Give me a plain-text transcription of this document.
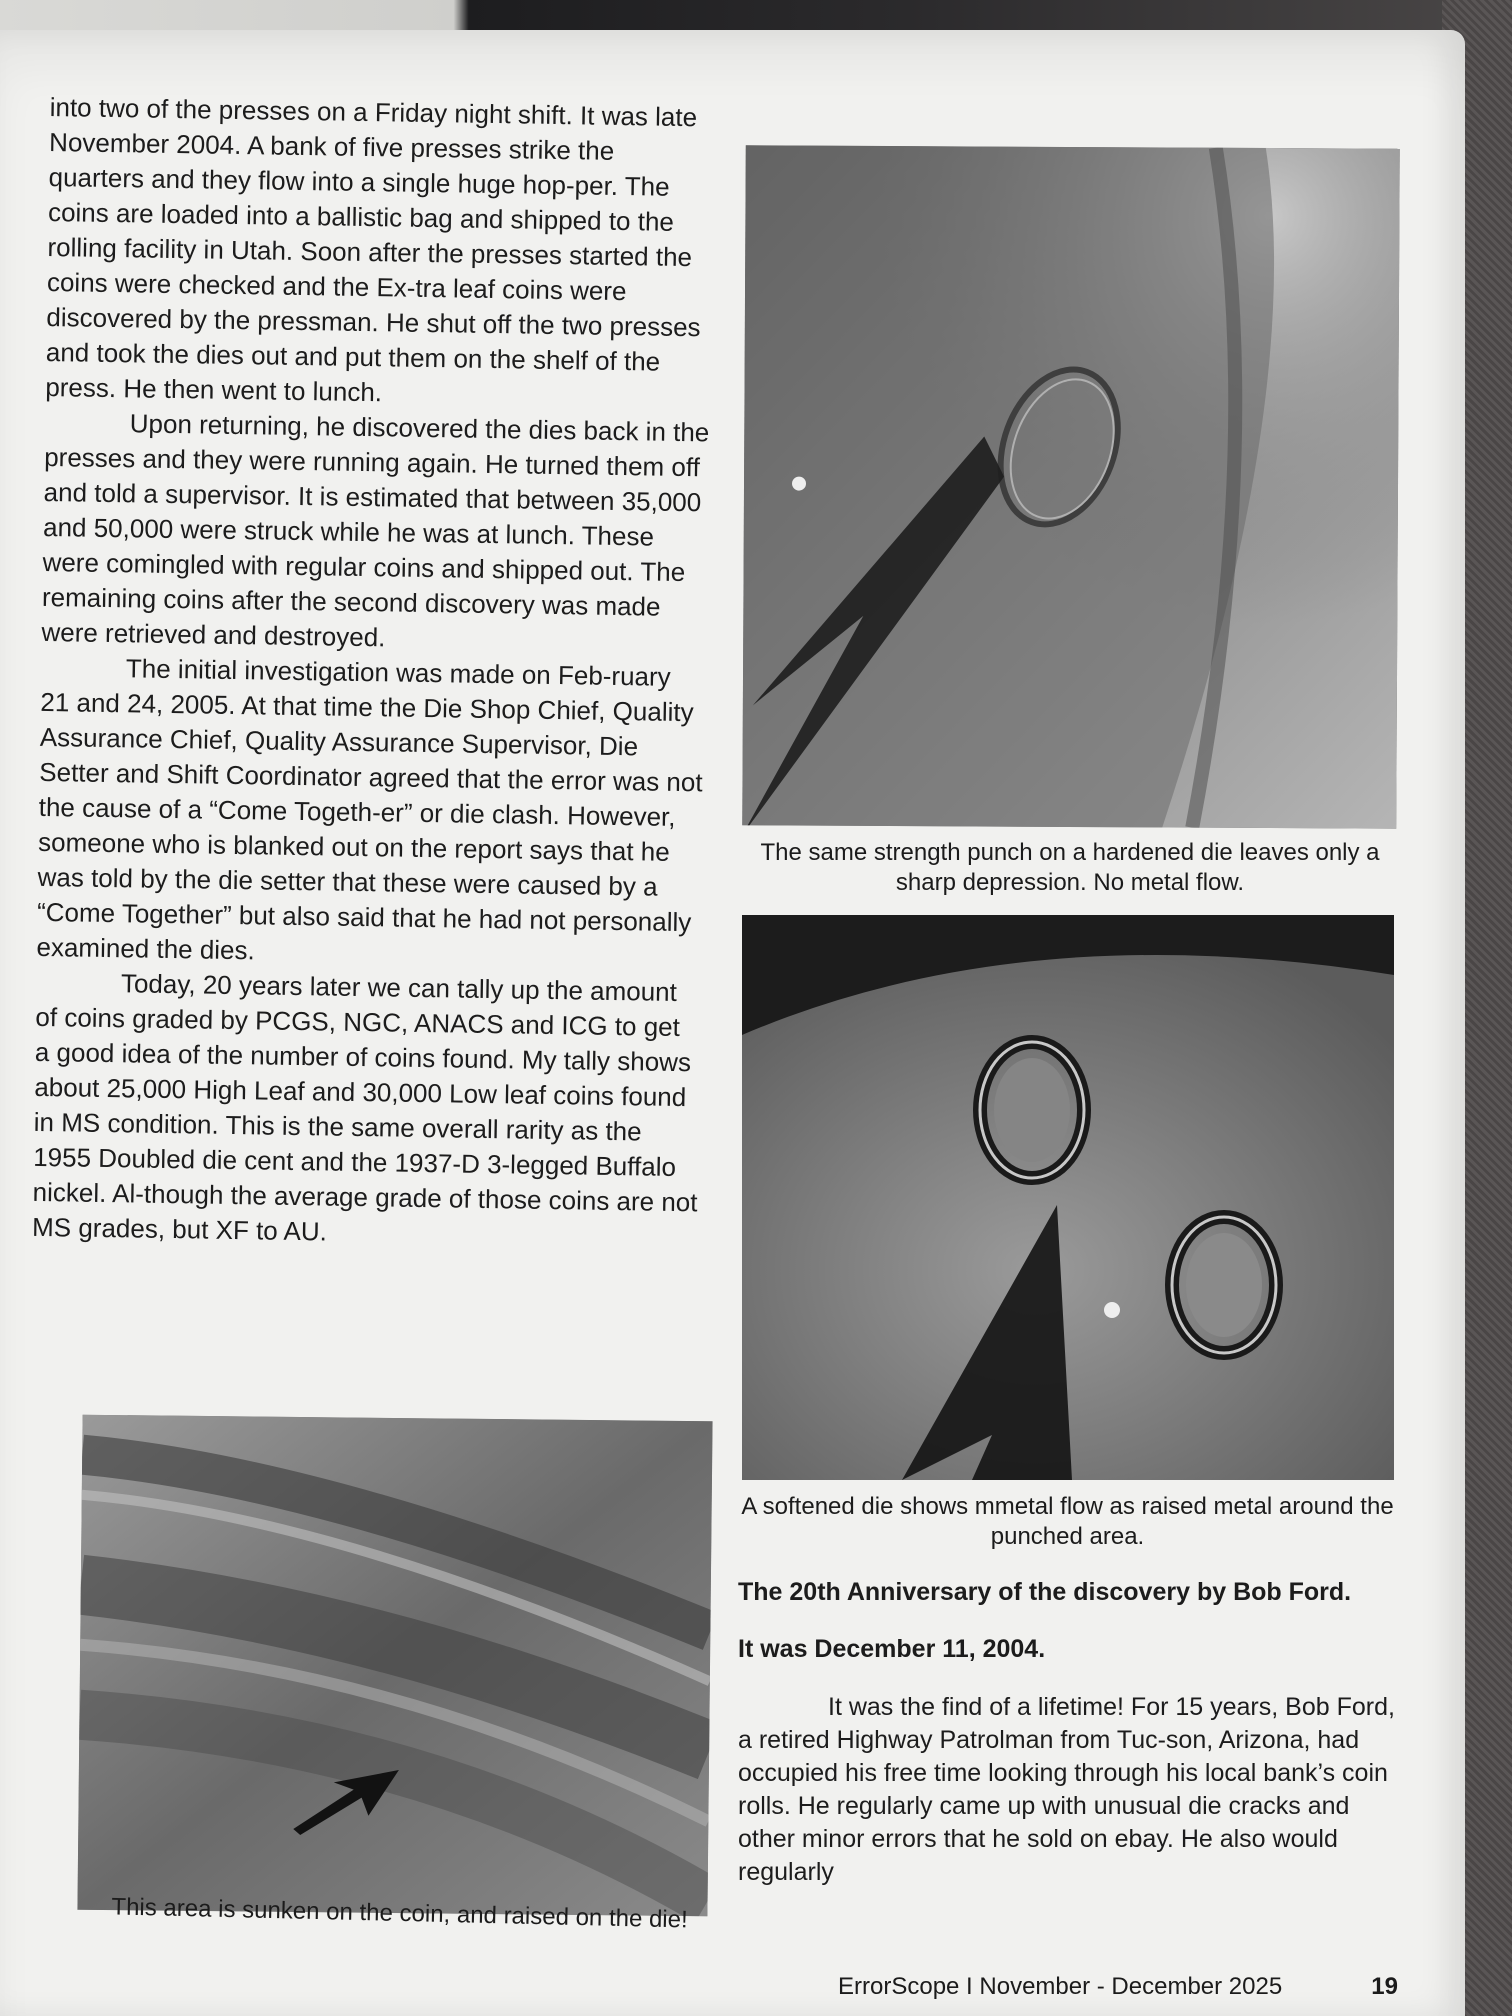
into two of the presses on a Friday night shift. It was late November 2004. A bank of five presses strike the quarters and they flow into a single huge hop-per. The coins are loaded into a ballistic bag and shipped to the rolling facility in Utah. Soon after the presses started the coins were checked and the Ex-tra leaf coins were discovered by the pressman. He shut off the two presses and took the dies out and put them on the shelf of the press. He then went to lunch.

Upon returning, he discovered the dies back in the presses and they were running again. He turned them off and told a supervisor. It is estimated that between 35,000 and 50,000 were struck while he was at lunch. These were comingled with regular coins and shipped out. The remaining coins after the second discovery was made were retrieved and destroyed.

The initial investigation was made on Feb-ruary 21 and 24, 2005. At that time the Die Shop Chief, Quality Assurance Chief, Quality Assurance Supervisor, Die Setter and Shift Coordinator agreed that the error was not the cause of a “Come Togeth-er” or die clash. However, someone who is blanked out on the report says that he was told by the die setter that these were caused by a “Come Together” but also said that he had not personally examined the dies.

Today, 20 years later we can tally up the amount of coins graded by PCGS, NGC, ANACS and ICG to get a good idea of the number of coins found. My tally shows about 25,000 High Leaf and 30,000 Low leaf coins found in MS condition. This is the same overall rarity as the 1955 Doubled die cent and the 1937-D 3-legged Buffalo nickel. Al-though the average grade of those coins are not MS grades, but XF to AU.

The same strength punch on a hardened die leaves only a sharp depression. No metal flow.
A softened die shows mmetal flow as raised metal around the punched area.
This area is sunken on the coin, and raised on the die!
The 20th Anniversary of the discovery by Bob Ford.
It was December 11, 2004.

It was the find of a lifetime! For 15 years, Bob Ford, a retired Highway Patrolman from Tuc-son, Arizona, had occupied his free time looking through his local bank’s coin rolls. He regularly came up with unusual die cracks and other minor errors that he sold on ebay. He also would regularly

ErrorScope I November - December 2025	19
